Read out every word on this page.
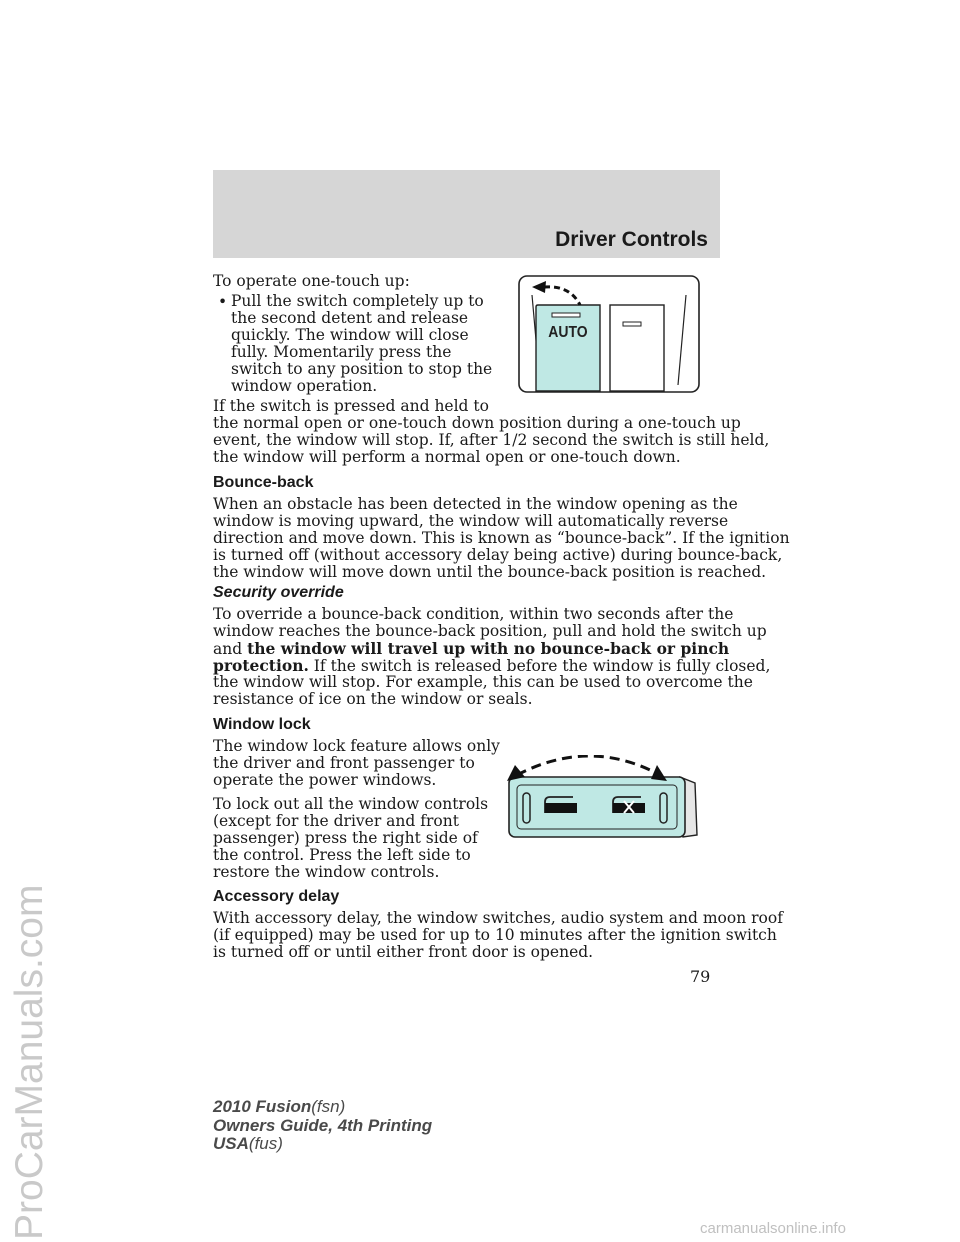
Driver Controls
ProCarManuals.com

To operate one-touch up:

• Pull the switch completely up to

the second detent and release

quickly. The window will close

fully. Momentarily press the

switch to any position to stop the

window operation.

If the switch is pressed and held to

the normal open or one-touch down position during a one-touch up

event, the window will stop. If, after 1/2 second the switch is still held,

the window will perform a normal open or one-touch down.

AUTO

Bounce-back

When an obstacle has been detected in the window opening as the

window is moving upward, the window will automatically reverse

direction and move down. This is known as “bounce-back”. If the ignition

is turned off (without accessory delay being active) during bounce-back,

the window will move down until the bounce-back position is reached.

Security override

To override a bounce-back condition, within two seconds after the

window reaches the bounce-back position, pull and hold the switch up

and the window will travel up with no bounce-back or pinch

protection. If the switch is released before the window is fully closed,

the window will stop. For example, this can be used to overcome the

resistance of ice on the window or seals.

Window lock

The window lock feature allows only

the driver and front passenger to

operate the power windows.

To lock out all the window controls

(except for the driver and front

passenger) press the right side of

the control. Press the left side to

restore the window controls.

Accessory delay

With accessory delay, the window switches, audio system and moon roof

(if equipped) may be used for up to 10 minutes after the ignition switch

is turned off or until either front door is opened.

79
2010 Fusion(fsn)
Owners Guide, 4th Printing
USA(fus)
carmanualsonline.info
